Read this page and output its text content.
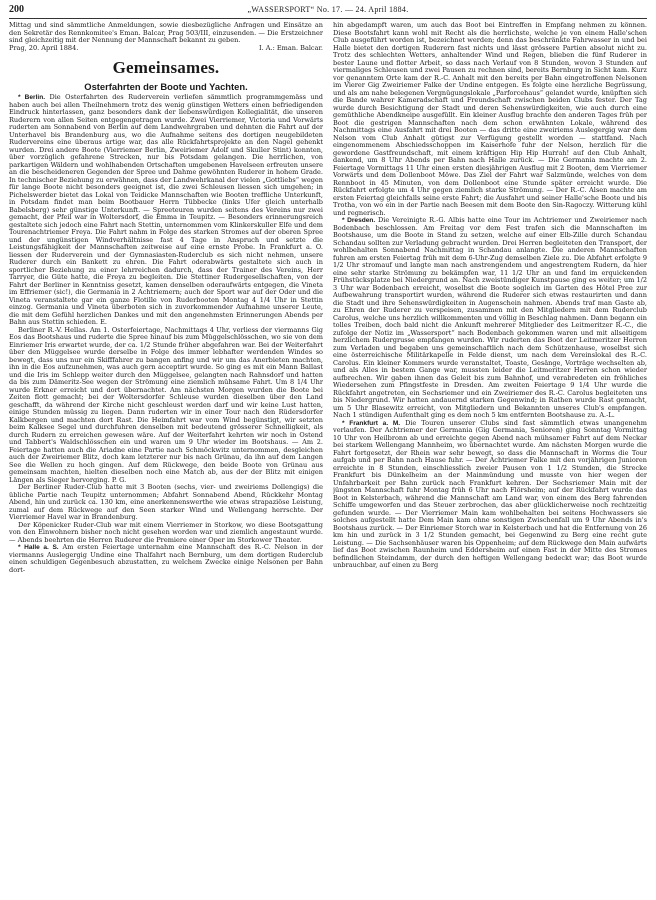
200	„WASSERSPORT“ No. 17. — 24. April 1884.

Mittag und sind sämmtliche Anmeldungen, sowie diesbezügliche Anfragen und Einsätze an den Sekretär des Rennkomitee's Eman. Balcar, Prag 503/III, einzusenden. — Die Erstzeichner sind gleichzeitig mit der Nennung der Mannschaft bekannt zu geben.

Prag, 20. April 1884.	I. A.: Eman. Balcar.
Gemeinsames.
Osterfahrten der Boote und Yachten.

* Berlin. Die Osterfahrten des Ruderverein verliefen sämmtlich programmgemäss und haben auch bei allen Theilnehmern trotz des wenig günstigen Wetters einen befriedigenden Eindruck hinterlassen, ganz besonders dank der liebenswürdigen Kollegialität, die unseren Ruderern von allen Seiten entgegengetragen wurde. Zwei Vierriemer, Victoria und Vorwärts ruderten am Sonnabend von Berlin auf dem Landwehrgraben und dehnten die Fahrt auf der Unterhavel bis Brandenburg aus, wo die Aufnahme seitens des dortigen neugebildeten Rudervereins eine überaus artige war, das alle Rückfahrtsprojekte an den Nagel gehenkt wurden. Drei andere Boote (Vierriemer Berlin, Zweiriemer Adolf und Skuller Stint) konnten, über vorzüglich gefahrene Strecken, nur bis Potsdam gelangen. Die herrlichen, von parkartigen Wäldern und wohlhabenden Ortschaften umgebenen Havelseen erfreuten unsere an die bescheideneren Gegenden der Spree und Dahme gewöhnten Ruderer in hohem Grade. In technischer Beziehung zu erwähnen, dass der Landwehrkanal der vielen „Gottliebs“ wegen für lange Boote nicht besonders geeignet ist, die zwei Schleusen liessen sich umgehen; in Pichelswerder bietet das Lokal von Teidicke Mannschaften wie Booten treffliche Unterkunft, in Potsdam findet man beim Bootbauer Herrn Tübbecke (links Ufer gleich unterhalb Babelsberg) sehr günstige Unterkunft. — Spreeteuren wurden seitens des Vereins nur zwei gemacht, der Pfeil war in Woltersdorf, die Emma in Teupitz. — Besonders erinnerungsreich gestaltete sich jedoch eine Fahrt nach Stettin, unternommen vom Klinkerskuller Elfe und dem Tourenachtriemer Freya. Die Fahrt nahm in Folge des starken Stromes auf der oberen Spree und der ungünstigen Windverhältnisse fast 4 Tage in Anspruch und setzte die Leistungsfähigkeit der Mannschaften zeitweise auf eine ernste Probe. In Frankfurt a. O. liessen der Ruderverein und der Gymnasiasten-Ruderclub es sich nicht nehmen, unsere Ruderer durch ein Bankett zu ehren. Die Fahrt oderabwärts gestaltete sich auch in sportlicher Beziehung zu einer lehrreichen dadurch, dass der Trainer des Vereins, Herr Tarryer, die Güte hatte, die Freya zu begleiten. Die Stettiner Rudergesellschaften, von der Fahrt der Berliner in Kenntniss gesetzt, kamen denselben oderaufwärts entgegen, die Vineta im Effriemer (sic!), die Germania in 2 Achtriemern; auch der Sport war auf der Oder und die Vineta veranstaltete gar ein ganze Flotille von Ruderbooten Montag 4 1/4 Uhr in Stettin einzog. Germania und Vineta überboten sich in zuvorkommender Aufnahme unserer Leute, die mit dem Gefühl herzlichen Dankes und mit den angenehmsten Erinnerungen Abends per Bahn aus Stettin schieden. E.

Berliner R.-V. Hellas. Am 1. Osterfeiertage, Nachmittags 4 Uhr, verliess der viermanns Gig Eos das Bootshaus und ruderte die Spree hinauf bis zum Müggelschlösschen, wo sie von dem Einriemer Iris erwartet wurde, der ca. 1/2 Stunde früher abgefahren war. Bei der Weiterfahrt über den Müggelsee wurde derselbe in Folge des immer lebhafter werdenden Windes so bewegt, dass uns nur ein Skifffahrer zu bangen anfing und wir um das Anerbieten machten, ihn in die Eos aufzunehmen, was auch gern acceptirt wurde. So ging es mit ein Mann Ballast und die Iris im Schlepp weiter durch den Müggelsee, gelangten nach Rahnsdorf und hatten da bis zum Dämeritz-See wegen der Strömung eine ziemlich mühsame Fahrt. Um 8 1/4 Uhr wurde Erkner erreicht und dort übernachtet. Am nächsten Morgen wurden die Boote bei Zeiten flott gemacht; bei der Woltersdorfer Schleuse wurden dieselben über den Land geschafft, da während der Kirche nicht geschleust werden darf und wir keine Lust hatten, einige Stunden müssig zu liegen. Dann ruderten wir in einer Tour nach den Rüdersdorfer Kalkbergen und machten dort Rast. Die Heimfahrt war vom Wind begünstigt, wir setzten beim Kalksee Segel und durchfuhren denselben mit bedeutend grösserer Schnelligkeit, als durch Rudern zu erreichen gewesen wäre. Auf der Weiterfahrt kehrten wir noch in Ostend und Tabbert's Waldschlösschen ein und waren um 9 Uhr wieder im Bootshaus. — Am 2. Feiertage hatten auch die Ariadne eine Partie nach Schmöckwitz unternommen, desgleichen auch der Zweiriemer Blitz, doch kam letzterer nur bis nach Grünau, da ihn auf dem Langen See die Wellen zu hoch gingen. Auf dem Rückwege, den beide Boote von Grünau aus gemeinsam machten, hielten dieselben noch eine Match ab, aus der der Blitz mit einigen Längen als Sieger hervorging. P. G.

Der Berliner Ruder-Club hatte mit 3 Booten (sechs, vier- und zweiriems Dollengigs) die übliche Partie nach Teupitz unternommen; Abfahrt Sonnabend Abend, Rückkehr Montag Abend, hin und zurück ca. 130 km, eine anerkennenswerthe wie etwas strapaziöse Leistung, zumal auf dem Rückwege auf den Seen starker Wind und Wellengang herrschte. Der Vierriemer Havel war in Brandenburg.

Der Köpenicker Ruder-Club war mit einem Vierriemer in Storkow, wo diese Bootsgattung von den Einwohnern bisher noch nicht gesehen worden war und ziemlich angestaunt wurde. — Abends beehrten die Herren Ruderer die Premiere einer Oper im Storkower Theater.

* Halle a. S. Am ersten Feiertage unternahm eine Mannschaft des R.-C. Nelson in der viermanns Auslegergig Undine eine Thalfahrt nach Bernburg, um dem dortigen Ruderclub einen schuldigen Gegenbesuch abzustatten, zu welchem Zwecke einige Nelsonen per Bahn dort-

hin abgedampft waren, um auch das Boot bei Eintreffen in Empfang nehmen zu können. Diese Bootsfahrt kann wohl mit Recht als die herrlichste, welche je von einem Halle'schen Club ausgeführt worden ist, bezeichnet werden; denn das beschränkte Fahrwasser in und bei Halle bietet den dortigen Ruderern fast nichts und lässt grössere Partien absolut nicht zu. Trotz des schlechten Wetters, anhaltender Wind und Regen, blieben die fünf Ruderer in bester Laune und flotter Arbeit, so dass nach Verlauf von 8 Stunden, wovon 3 Stunden auf viermaliges Schleusen und zwei Pausen zu rechnen sind, bereits Bernburg in Sicht kam. Kurz vor genanntem Orte kam der R.-C. Anhalt mit den bereits per Bahn eingetroffenen Nelsonen im Vierer Gig Zweiriemer Falke der Undine entgegen. Es folgte eine herzliche Begrüssung, und als am nahe belegenen Vergnügungslokale „Parforcehaus“ gelandet wurde, knüpften sich die Bande wahrer Kameradschaft und Freundschaft zwischen beiden Clubs fester. Der Tag wurde durch Besichtigung der Stadt und deren Sehenswürdigkeiten, wie auch durch eine gemüthliche Abendkneipe ausgefüllt. Ein kleiner Ausflug brachte den anderen Tages früh per Boot die gestrigen Mannschaften nach dem schon erwähnten Lokale, während des Nachmittags eine Ausfahrt mit drei Booten — das dritte eine zweiriems Auslegergig war dem Nelson vom Club Anhalt gütigst zur Verfügung gestellt worden — stattfand. Nach eingenommenem Abschiedsschoppen im Kaiserhofe fuhr der Nelson, herzlich für die gewordene Gastfreundschaft, mit einem kräftigen Hip Hip Hurrah! auf den Club Anhalt, dankend, um 8 Uhr Abends per Bahn nach Halle zurück. — Die Germania machte am 2. Feiertage Vormittags 11 Uhr einen ersten diesjährigen Ausflug mit 2 Booten, dem Vierriemer Vorwärts und dem Dollenboot Möwe. Das Ziel der Fahrt war Salzmünde, welches von dem Rennboot in 45 Minuten, von dem Dollenboot eine Stunde später erreicht wurde. Die Rückfahrt erfolgte um 4 Uhr gegen ziemlich starke Strömung. — Der R.-C. Alsen machte am ersten Feiertag gleichfalls seine erste Fahrt; die Ausfahrt und seiner Halle'sche Boote und bis Trotha, von wo ein in der Partie nach Beesen mit dem Boote den Sin-Ragoczy. Witterung kühl und regnerisch.

* Dresden. Die Vereinigte R.-G. Albis hatte eine Tour im Achtriemer und Zweiriemer nach Bodenbach beschlossen. Am Freitag vor dem Fest trafen sich die Mannschaften im Bootshause, um die Boote in Stand zu setzen, welche auf einer Elb-Zille durch Schandau Schandau sollten zur Verladung gebracht wurden. Drei Herren begleiteten den Transport, der wohlbehalten Sonnabend Nachmittag in Schandau anlangte. Die anderen Mannschaften fuhren am ersten Feiertag früh mit dem 6-Uhr-Zug demselben Ziele zu. Die Abfahrt erfolgte 9 1/2 Uhr stromauf und langte man nach anstrengendem und angestrengtem Rudern, da hier eine sehr starke Strömung zu bekämpfen war, 11 1/2 Uhr an und fand im erquickenden Frühstücksplatze bei Niedergrund an. Nach zweistündiger Kunstpause ging es weiter; um 1/2 3 Uhr war Bodenbach erreicht, woselbst die Boote sogleich im Garten des Hôtel Pree zur Aufbewahrung transportirt wurden, während die Ruderer sich etwas restaurirten und dann die Stadt und ihre Sehenswürdigkeiten in Augenschein nahmen. Abends traf man Gaste ab, zu Ehren der Ruderer zu verspeisen, zusammen mit den Mitgliedern mit dem Ruderclub Carolus, welche uns herzlich willkommenten und völlig in Beschlag nahmen. Dann begann ein tolles Treiben, doch bald nicht die Ankunft mehrerer Mitglieder des Leitmeritzer R.-C., die zufolge der Notiz im „Wassersport“ nach Bodenbach gekommen waren und mit allseitigem herzlichem Rudergrusse empfangen wurden. Wir ruderten das Boot der Leitmeritzer Herren zum Verladen und begaben uns gemeinschaftlich nach dem Schützenhause, woselbst sich eine österreichische Militärkapelle in Felde dienst, um nach dem Vereinslokal des R.-C. Carolus. Ein kleiner Kommers wurde veranstaltet, Toaste, Gesänge, Vorträge wechselten ab, und als Alles in bestem Gange war, mussten leider die Leitmeritzer Herren schon wieder aufbrechen. Wir gaben ihnen das Geleit bis zum Bahnhof, und verabredeten ein fröhliches Wiedersehen zum Pfingstfeste in Dresden. Am zweiten Feiertage 9 1/4 Uhr wurde die Rückfahrt angetreten, ein Sechsriemer und ein Zweiriemer des R.-C. Carolus begleiteten uns bis Niedergrund. Wir hatten andauernd starken Gegenwind; in Rathen wurde Rast gemacht, um 5 Uhr Blasewitz erreicht, von Mitgliedern und Bekannten unseres Club's empfangen. Nach 1 stündigen Aufenthalt ging es dem noch 5 km entfernten Bootshause zu. A.-L.

* Frankfurt a. M. Die Touren unserer Clubs sind fast sämmtlich etwas unangenehm verlaufen. Der Achtriemer der Germania (Gig Germania, Senioren) ging Sonntag Vormittag 10 Uhr von Heilbronn ab und erreichte gegen Abend nach mühsamer Fahrt auf dem Neckar bei starkem Wellengang Mannheim, wo übernachtet wurde. Am nächsten Morgen wurde die Fahrt fortgesetzt, der Rhein war sehr bewegt, so dass die Mannschaft in Worms die Tour aufgab und per Bahn nach Hause fuhr. — Der Achtriemer Falke mit den vorjährigen Junioren erreichte in 8 Stunden, einschliesslich zweier Pausen von 1 1/2 Stunden, die Strecke Frankfurt bis Dünkelheim an der Mainmündung und musste von hier wegen der Unfahrbarkeit per Bahn zurück nach Frankfurt kehren. Der Sechsriemer Main mit der jüngsten Mannschaft fuhr Montag früh 6 Uhr nach Flörsheim; auf der Rückfahrt wurde das Boot in Kelsterbach, während die Mannschaft am Land war, von einem des Berg fahrenden Schiffe umgeworfen und das Steuer zerbrochen, das aber glücklicherweise noch rechtzeitig gefunden wurde. — Der Vierriemer Main kam wohlbehalten bei seitens Hochwassers sie solches aufgestellt hatte Dem Main kam ohne sonstigen Zwischenfall um 9 Uhr Abends in's Bootshaus zurück. — Der Einriemer Storch war in Kelsterbach und hat die Entfernung von 26 km hin und zurück in 3 1/2 Stunden gemacht, bei Gegenwind zu Berg eine recht gute Leistung. — Die Sachsenhäuser waren bis Oppenheim; auf dem Rückwege den Main aufwärts lief das Boot zwischen Raunheim und Eddersheim auf einen Fast in der Mitte des Stromes befindlichen Steindamm, der durch den heftigen Wellengang bedeckt war; das Boot wurde unbrauchbar, auf einen zu Berg
